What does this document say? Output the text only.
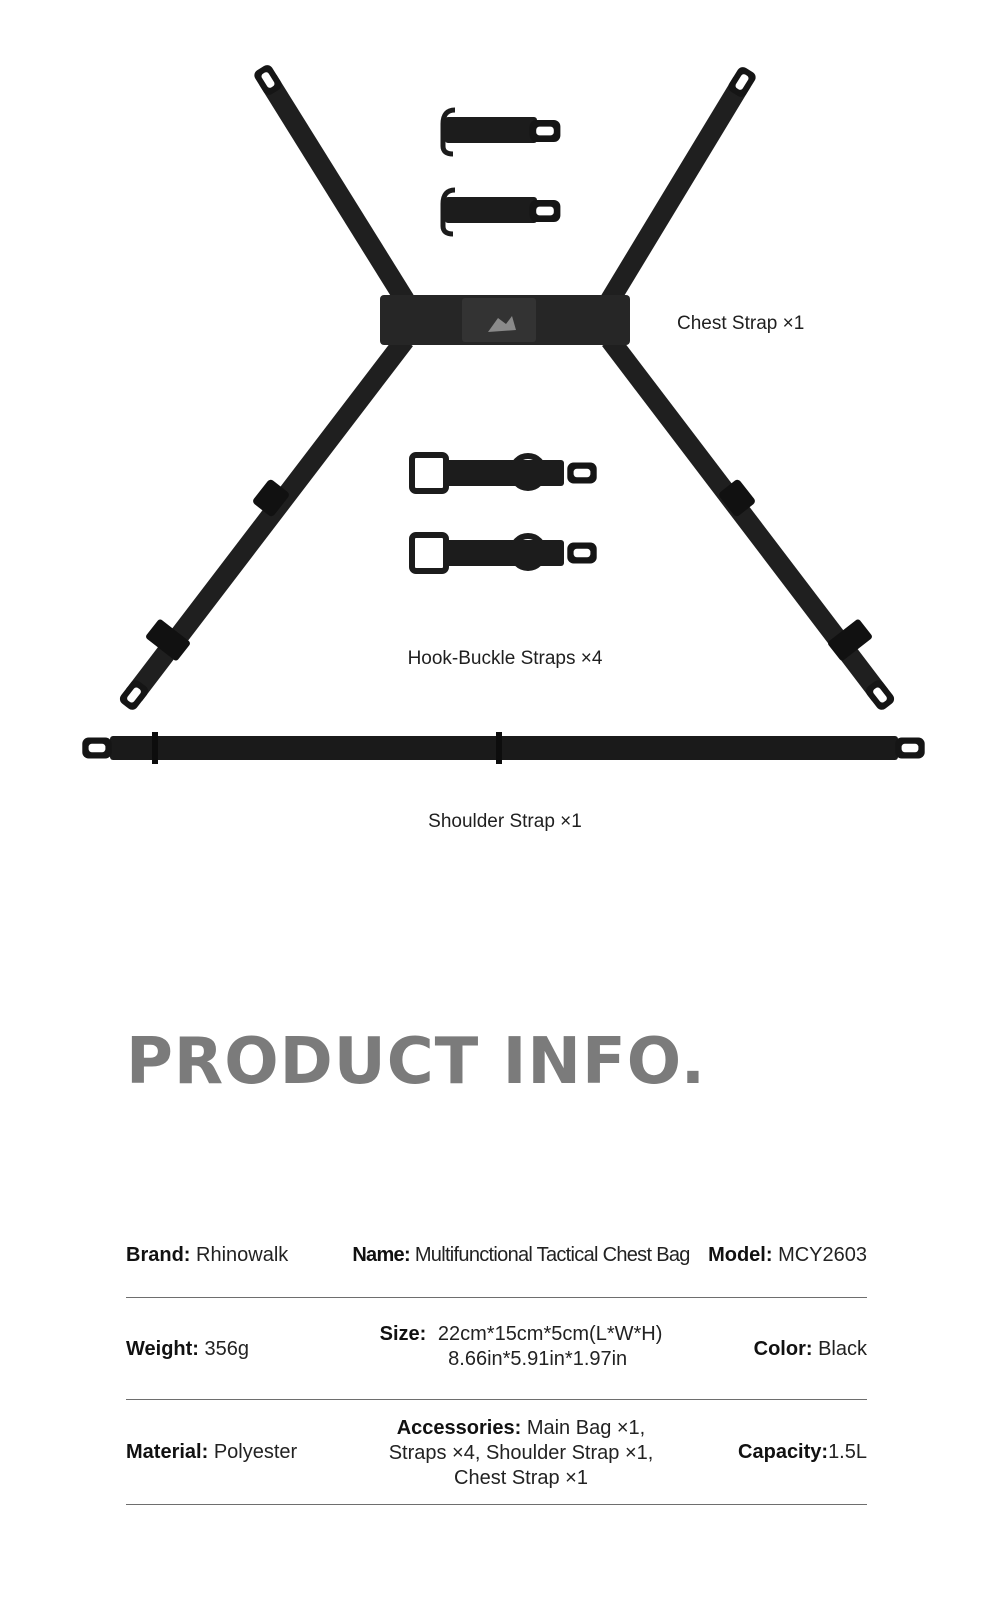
Chest Strap ×1
Hook-Buckle Straps ×4
Shoulder Strap ×1
PRODUCT INFO.
Brand: Rhinowalk	Name: Multifunctional Tactical Chest Bag Model: MCY2603
Weight: 356g
Size: 22cm*15cm*5cm(L*W*H)
8.66in*5.91in*1.97in	Color: Black
Material: Polyester
Accessories: Main Bag ×1,
Straps ×4, Shoulder Strap ×1,
Chest Strap ×1
Capacity:1.5L
